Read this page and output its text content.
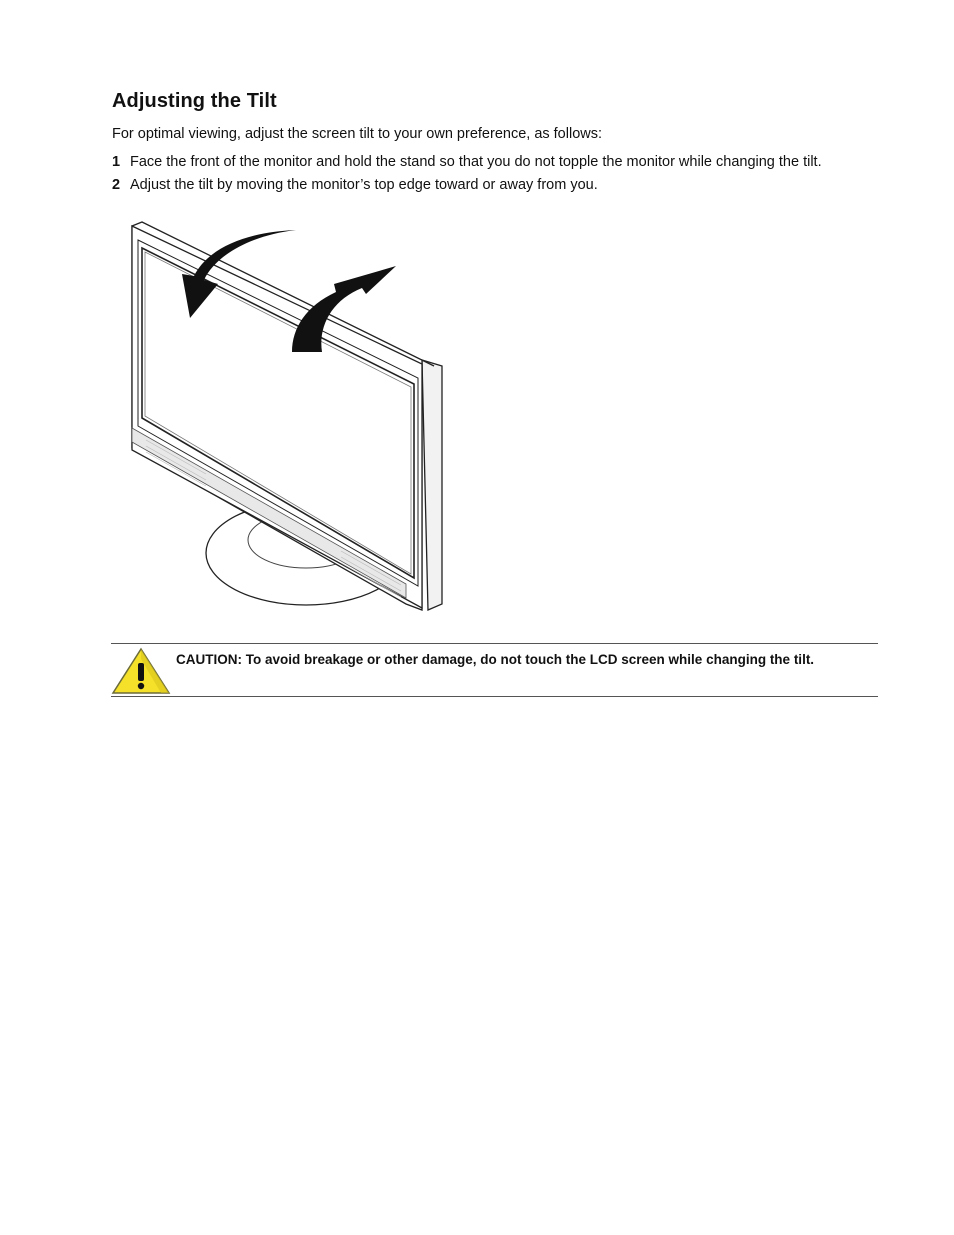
Adjusting the Tilt

For optimal viewing, adjust the screen tilt to your own preference, as follows:

1 Face the front of the monitor and hold the stand so that you do not topple the monitor while changing the tilt.
2 Adjust the tilt by moving the monitor’s top edge toward or away from you.
CAUTION: To avoid breakage or other damage, do not touch the LCD screen while changing the tilt.
